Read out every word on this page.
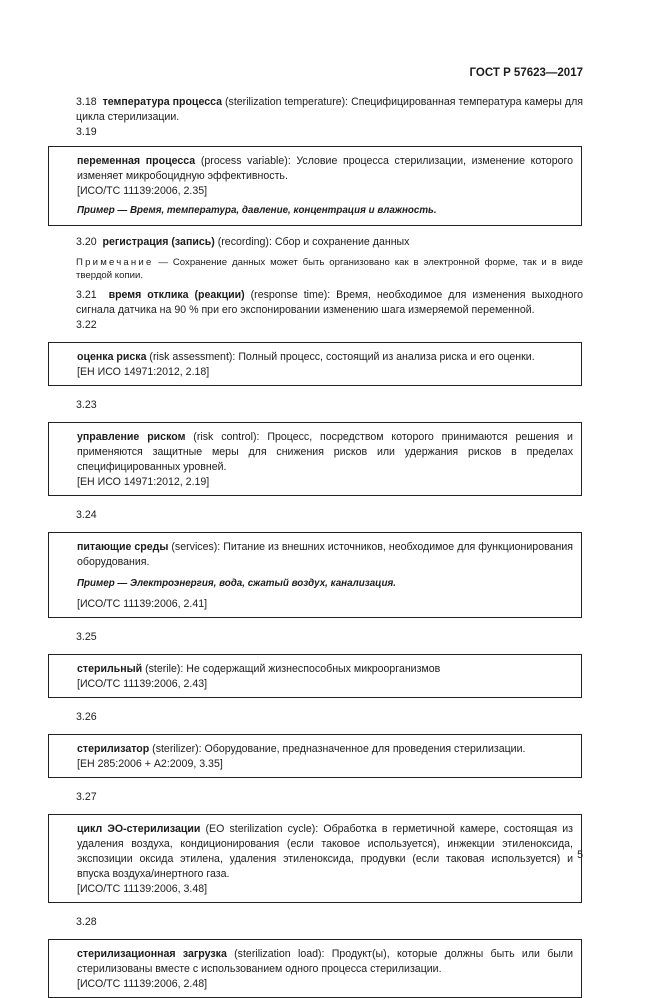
ГОСТ Р 57623—2017

3.18 температура процесса (sterilization temperature): Специфицированная температура камеры для цикла стерилизации.

3.19

переменная процесса (process variable): Условие процесса стерилизации, изменение которого изменяет микробоцидную эффективность.

[ИСО/ТС 11139:2006, 2.35]

Пример — Время, температура, давление, концентрация и влажность.

3.20 регистрация (запись) (recording): Сбор и сохранение данных

Примечание — Сохранение данных может быть организовано как в электронной форме, так и в виде твердой копии.

3.21 время отклика (реакции) (response time): Время, необходимое для изменения выходного сигнала датчика на 90 % при его экспонировании изменению шага измеряемой переменной.

3.22

оценка риска (risk assessment): Полный процесс, состоящий из анализа риска и его оценки.

[ЕН ИСО 14971:2012, 2.18]

3.23

управление риском (risk control): Процесс, посредством которого принимаются решения и применяются защитные меры для снижения рисков или удержания рисков в пределах специфицированных уровней.

[ЕН ИСО 14971:2012, 2.19]

3.24

питающие среды (services): Питание из внешних источников, необходимое для функционирования оборудования.

Пример — Электроэнергия, вода, сжатый воздух, канализация.

[ИСО/ТС 11139:2006, 2.41]

3.25

стерильный (sterile): Не содержащий жизнеспособных микроорганизмов

[ИСО/ТС 11139:2006, 2.43]

3.26

стерилизатор (sterilizer): Оборудование, предназначенное для проведения стерилизации.

[ЕН 285:2006 + A2:2009, 3.35]

3.27

цикл ЭО-стерилизации (EO sterilization cycle): Обработка в герметичной камере, состоящая из удаления воздуха, кондиционирования (если таковое используется), инжекции этиленоксида, экспозиции оксида этилена, удаления этиленоксида, продувки (если таковая используется) и впуска воздуха/инертного газа.

[ИСО/ТС 11139:2006, 3.48]

3.28

стерилизационная загрузка (sterilization load): Продукт(ы), которые должны быть или были стерилизованы вместе с использованием одного процесса стерилизации.

[ИСО/ТС 11139:2006, 2.48]

5
